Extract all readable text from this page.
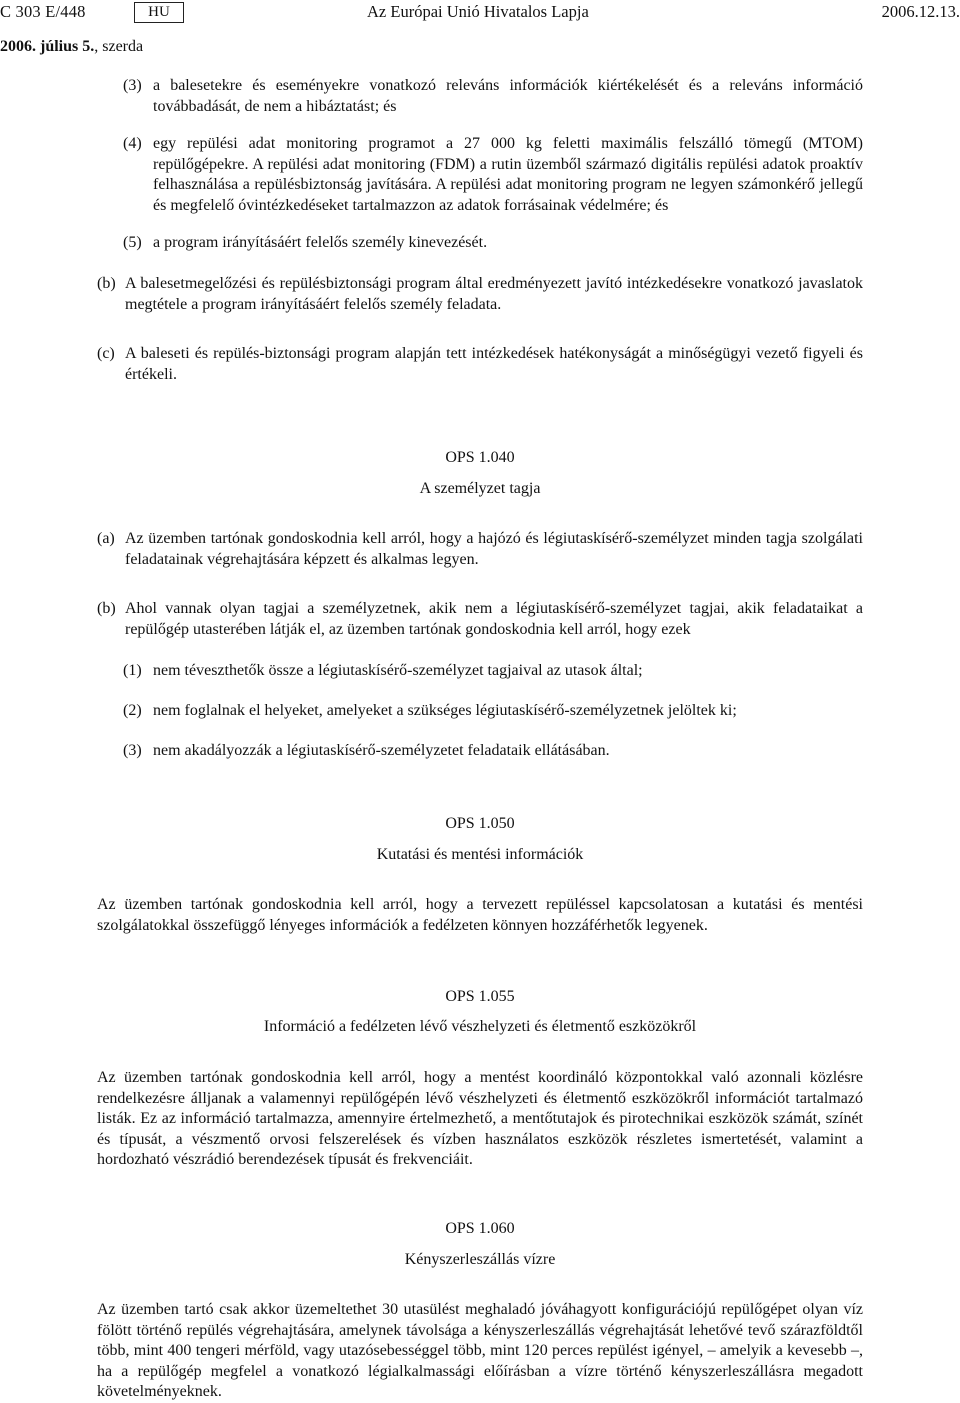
C 303 E/448	HU	Az Európai Unió Hivatalos Lapja	2006.12.13.
2006. július 5., szerda
(3) a balesetekre és eseményekre vonatkozó releváns információk kiértékelését és a releváns információ továbbadását, de nem a hibáztatást; és
(4) egy repülési adat monitoring programot a 27 000 kg feletti maximális felszálló tömegű (MTOM) repülőgépekre. A repülési adat monitoring (FDM) a rutin üzemből származó digitális repülési adatok proaktív felhasználása a repülésbiztonság javítására. A repülési adat monitoring program ne legyen számonkérő jellegű és megfelelő óvintézkedéseket tartalmazzon az adatok forrásainak védelmére; és
(5) a program irányításáért felelős személy kinevezését.
(b) A balesetmegelőzési és repülésbiztonsági program által eredményezett javító intézkedésekre vonatkozó javaslatok megtétele a program irányításáért felelős személy feladata.
(c) A baleseti és repülés-biztonsági program alapján tett intézkedések hatékonyságát a minőségügyi vezető figyeli és értékeli.
OPS 1.040
A személyzet tagja
(a) Az üzemben tartónak gondoskodnia kell arról, hogy a hajózó és légiutaskísérő-személyzet minden tagja szolgálati feladatainak végrehajtására képzett és alkalmas legyen.
(b) Ahol vannak olyan tagjai a személyzetnek, akik nem a légiutaskísérő-személyzet tagjai, akik feladataikat a repülőgép utasterében látják el, az üzemben tartónak gondoskodnia kell arról, hogy ezek
(1) nem téveszthetők össze a légiutaskísérő-személyzet tagjaival az utasok által;
(2) nem foglalnak el helyeket, amelyeket a szükséges légiutaskísérő-személyzetnek jelöltek ki;
(3) nem akadályozzák a légiutaskísérő-személyzetet feladataik ellátásában.
OPS 1.050
Kutatási és mentési információk
Az üzemben tartónak gondoskodnia kell arról, hogy a tervezett repüléssel kapcsolatosan a kutatási és mentési szolgálatokkal összefüggő lényeges információk a fedélzeten könnyen hozzáférhetők legyenek.
OPS 1.055
Információ a fedélzeten lévő vészhelyzeti és életmentő eszközökről
Az üzemben tartónak gondoskodnia kell arról, hogy a mentést koordináló központokkal való azonnali közlésre rendelkezésre álljanak a valamennyi repülőgépén lévő vészhelyzeti és életmentő eszközökről információt tartalmazó listák. Ez az információ tartalmazza, amennyire értelmezhető, a mentőtutajok és pirotechnikai eszközök számát, színét és típusát, a vészmentő orvosi felszerelések és vízben használatos eszközök részletes ismertetését, valamint a hordozható vészrádió berendezések típusát és frekvenciáit.
OPS 1.060
Kényszerleszállás vízre
Az üzemben tartó csak akkor üzemeltethet 30 utasülést meghaladó jóváhagyott konfigurációjú repülőgépet olyan víz fölött történő repülés végrehajtására, amelynek távolsága a kényszerleszállás végrehajtását lehetővé tevő szárazföldtől több, mint 400 tengeri mérföld, vagy utazósebességgel több, mint 120 perces repülést igényel, – amelyik a kevesebb –, ha a repülőgép megfelel a vonatkozó légialkalmassági előírásban a vízre történő kényszerleszállásra megadott követelményeknek.
